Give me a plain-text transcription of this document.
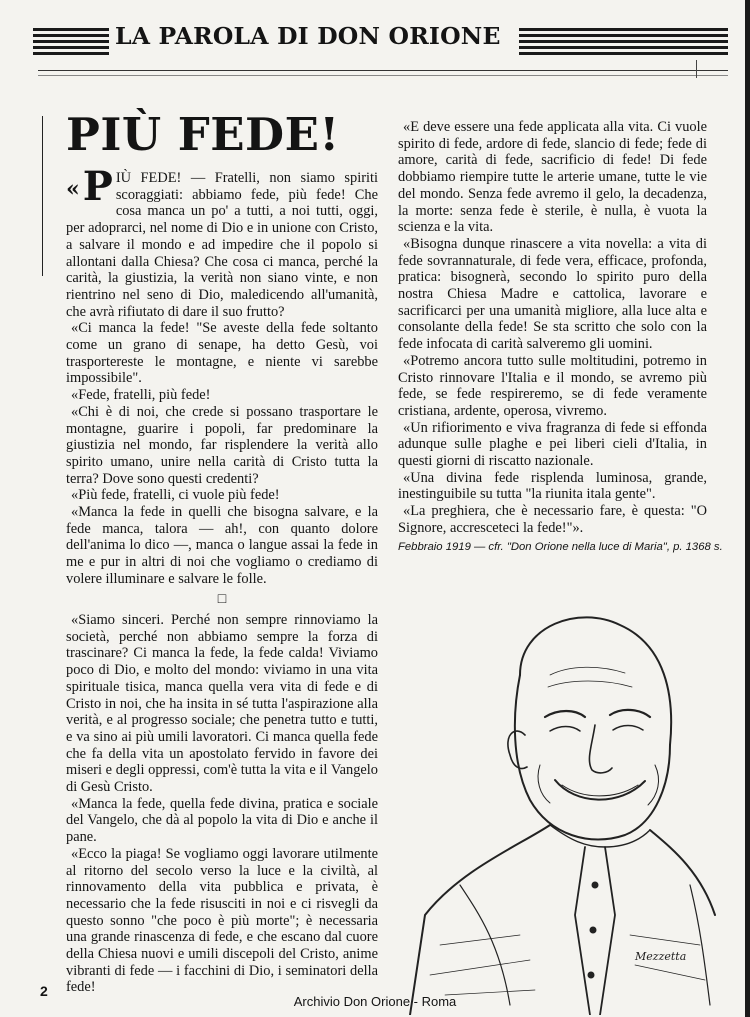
LA PAROLA DI DON ORIONE
PIÙ FEDE!
« P IÙ FEDE! — Fratelli, non siamo spiriti scoraggiati: abbiamo fede, più fede! Che cosa manca un po' a tutti, a noi tutti, oggi, per adoprarci, nel nome di Dio e in unione con Cristo, a salvare il mondo e ad impedire che il popolo si allontani dalla Chiesa? Che cosa ci manca, perché la carità, la giustizia, la verità non siano vinte, e non rientrino nel seno di Dio, maledicendo all'umanità, che avrà rifiutato di dare il suo frutto?

«Ci manca la fede! "Se aveste della fede soltanto come un grano di senape, ha detto Gesù, voi trasportereste le montagne, e niente vi sarebbe impossibile".

«Fede, fratelli, più fede!

«Chi è di noi, che crede si possano trasportare le montagne, guarire i popoli, far predominare la giustizia nel mondo, far risplendere la verità allo spirito umano, unire nella carità di Cristo tutta la terra? Dove sono questi credenti?

«Più fede, fratelli, ci vuole più fede!

«Manca la fede in quelli che bisogna salvare, e la fede manca, talora — ah!, con quanto dolore dell'anima lo dico —, manca o langue assai la fede in me e pur in altri di noi che vogliamo o crediamo di volere illuminare e salvare le folle.

□

«Siamo sinceri. Perché non sempre rinnoviamo la società, perché non abbiamo sempre la forza di trascinare? Ci manca la fede, la fede calda! Viviamo poco di Dio, e molto del mondo: viviamo in una vita spirituale tisica, manca quella vera vita di fede e di Cristo in noi, che ha insita in sé tutta l'aspirazione alla verità, e al progresso sociale; che penetra tutto e tutti, e va sino ai più umili lavoratori. Ci manca quella fede che fa della vita un apostolato fervido in favore dei miseri e degli oppressi, com'è tutta la vita e il Vangelo di Gesù Cristo.

«Manca la fede, quella fede divina, pratica e sociale del Vangelo, che dà al popolo la vita di Dio e anche il pane.

«Ecco la piaga! Se vogliamo oggi lavorare utilmente al ritorno del secolo verso la luce e la civiltà, al rinnovamento della vita pubblica e privata, è necessario che la fede risusciti in noi e ci risvegli da questo sonno "che poco è più morte"; è necessaria una grande rinascenza di fede, e che escano dal cuore della Chiesa nuovi e umili discepoli del Cristo, anime vibranti di fede — i facchini di Dio, i seminatori della fede!

«E deve essere una fede applicata alla vita. Ci vuole spirito di fede, ardore di fede, slancio di fede; fede di amore, carità di fede, sacrificio di fede! Di fede dobbiamo riempire tutte le arterie umane, tutte le vie del mondo. Senza fede avremo il gelo, la decadenza, la morte: senza fede è sterile, è nulla, è vuota la scienza e la vita.

«Bisogna dunque rinascere a vita novella: a vita di fede sovrannaturale, di fede vera, efficace, profonda, pratica: bisognerà, secondo lo spirito puro della nostra Chiesa Madre e cattolica, lavorare e sacrificarci per una umanità migliore, alla luce alta e consolante della fede! Se sta scritto che solo con la fede infocata di carità salveremo gli uomini.

«Potremo ancora tutto sulle moltitudini, potremo in Cristo rinnovare l'Italia e il mondo, se avremo più fede, se fede respireremo, se di fede veramente cristiana, ardente, operosa, vivremo.

«Un rifiorimento e viva fragranza di fede si effonda adunque sulle plaghe e pei liberi cieli d'Italia, in questi giorni di riscatto nazionale.

«Una divina fede risplenda luminosa, grande, inestinguibile su tutta "la riunita itala gente".

«La preghiera, che è necessario fare, è questa: "O Signore, accresceteci la fede!"».

Febbraio 1919 — cfr. "Don Orione nella luce di Maria", p. 1368 s.
Mezzetta
2
Archivio Don Orione - Roma
